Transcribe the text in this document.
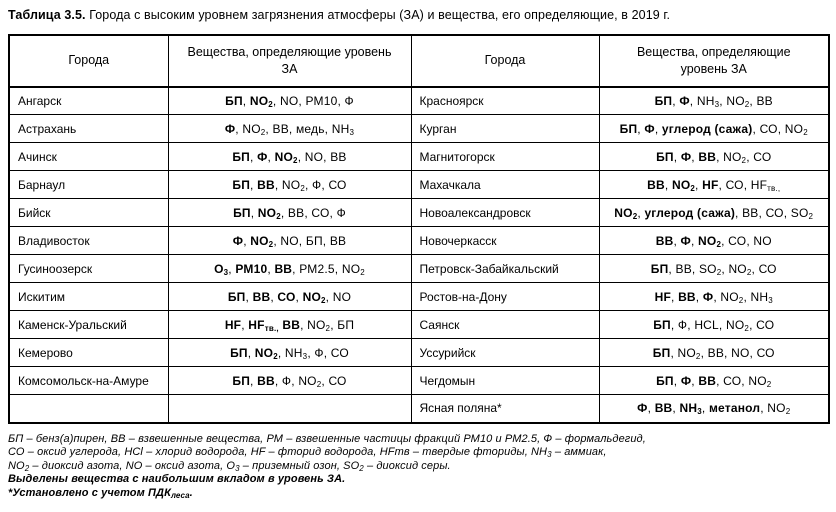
Таблица 3.5. Города с высоким уровнем загрязнения атмосферы (ЗА) и вещества, его определяющие, в 2019 г.
Города	Вещества, определяющие уровень ЗА	Города	Вещества, определяющие уровень ЗА
Ангарск	БП, $NO_2$, NO, РМ10, Ф	Красноярск	БП, Ф, $NH_3$, $NO_2$, ВВ
Астрахань	Ф, $NO_2$, ВВ, медь, $NH_3$	Курган	БП, Ф, углерод (сажа), СО, $NO_2$
Ачинск	БП, Ф, $NO_2$, NO, ВВ	Магнитогорск	БП, Ф, ВВ, $NO_2$, СО
Барнаул	БП, ВВ, $NO_2$, Ф, СО	Махачкала	ВВ, $NO_2$, HF, СО, $HF_{тв.,}$
Бийск	БП, $NO_2$, ВВ, СО, Ф	Новоалександровск	$NO_2$, углерод (сажа), ВВ, СО, $SO_2$
Владивосток	Ф, $NO_2$, NO, БП, ВВ	Новочеркасск	ВВ, Ф, $NO_2$, СО, NO
Гусиноозерск	$О_3$, РМ10, ВВ, РМ2.5, $NO_2$	Петровск-Забайкальский	БП, ВВ, $SO_2$, $NO_2$, СО
Искитим	БП, ВВ, СО, $NO_2$, NO	Ростов-на-Дону	HF, ВВ, Ф, $NO_2$, $NH_3$
Каменск-Уральский	HF, $HF_{тв.,}$ ВВ, $NO_2$, БП	Саянск	БП, Ф, HCL, $NO_2$, СО
Кемерово	БП, $NO_2$, $NH_3$, Ф, СО	Уссурийск	БП, $NO_2$, ВВ, NO, СО
Комсомольск-на-Амуре	БП, ВВ, Ф, $NO_2$, СО	Чегдомын	БП, Ф, ВВ, СО, $NO_2$
		Ясная поляна*	Ф, ВВ, $NH_3$, метанол, $NO_2$
БП – бенз(а)пирен, ВВ – взвешенные вещества, РМ – взвешенные частицы фракций РМ10 и РМ2.5, Ф – формальдегид,
СО – оксид углерода, HCl – хлорид водорода, HF – фторид водорода, HFтв – твердые фториды, $NH_3$ – аммиак,
$NO_2$ – диоксид азота, NO – оксид азота, $О_3$ – приземный озон, $SO_2$ – диоксид серы.
Выделены вещества с наибольшим вкладом в уровень ЗА.
*Установлено с учетом $ПДК_{леса}$.
